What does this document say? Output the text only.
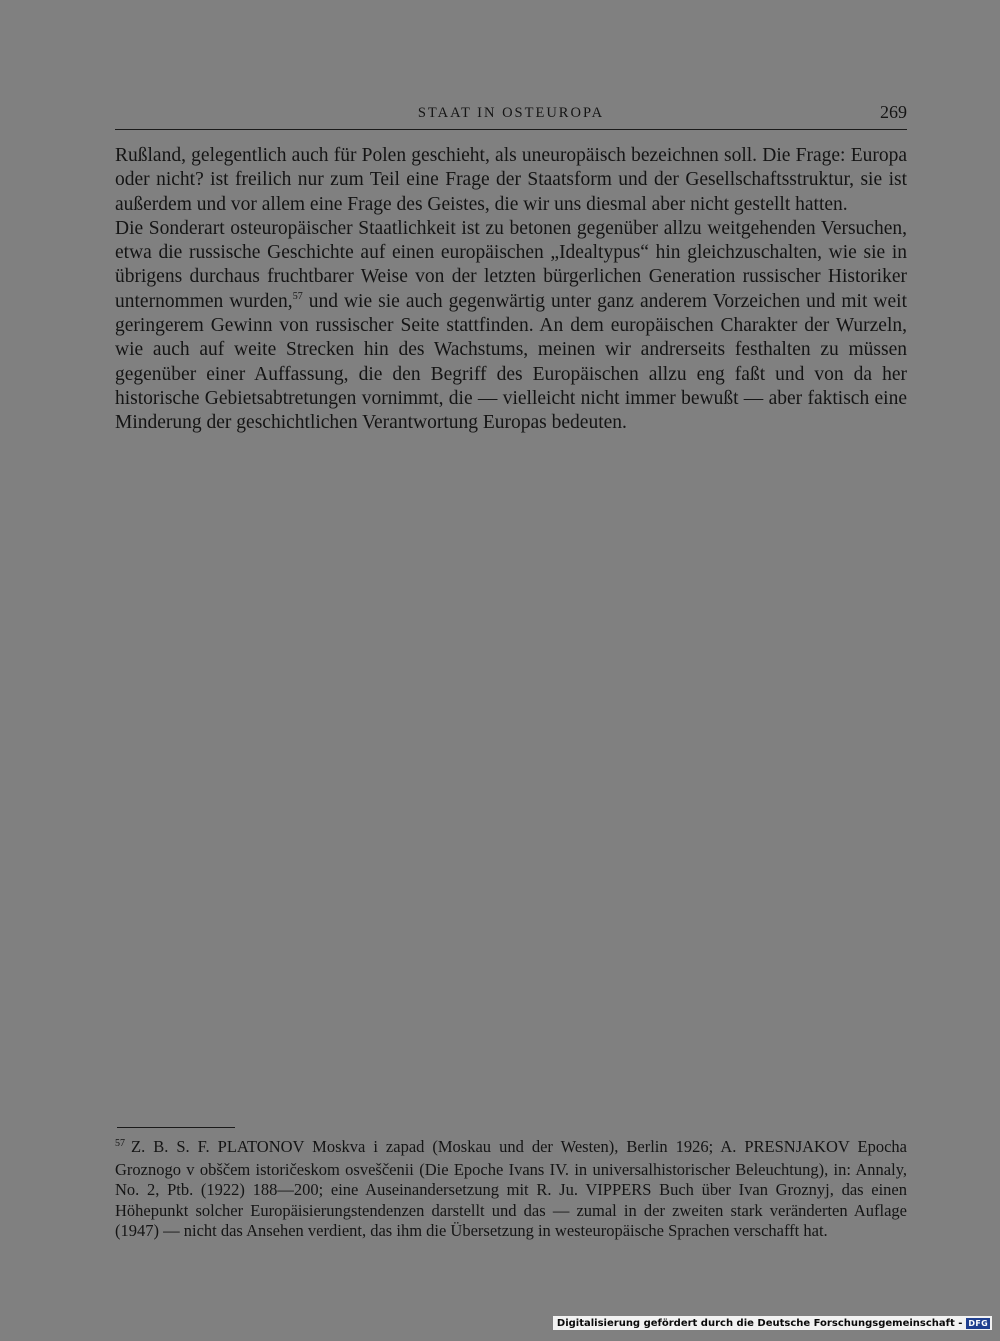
STAAT IN OSTEUROPA	269

Rußland, gelegentlich auch für Polen geschieht, als uneuropäisch bezeichnen soll. Die Frage: Europa oder nicht? ist freilich nur zum Teil eine Frage der Staatsform und der Gesellschaftsstruktur, sie ist außerdem und vor allem eine Frage des Geistes, die wir uns diesmal aber nicht gestellt hatten.

Die Sonderart osteuropäischer Staatlichkeit ist zu betonen gegenüber allzu weitgehenden Versuchen, etwa die russische Geschichte auf einen europäischen „Idealtypus“ hin gleichzuschalten, wie sie in übrigens durchaus fruchtbarer Weise von der letzten bürgerlichen Generation russischer Historiker unternommen wurden,$^{57}$ und wie sie auch gegenwärtig unter ganz anderem Vorzeichen und mit weit geringerem Gewinn von russischer Seite stattfinden. An dem europäischen Charakter der Wurzeln, wie auch auf weite Strecken hin des Wachstums, meinen wir andrerseits festhalten zu müssen gegenüber einer Auffassung, die den Begriff des Europäischen allzu eng faßt und von da her historische Gebietsabtretungen vornimmt, die — vielleicht nicht immer bewußt — aber faktisch eine Minderung der geschichtlichen Verantwortung Europas bedeuten.

$^{57}$ Z. B. S. F. PLATONOV Moskva i zapad (Moskau und der Westen), Berlin 1926; A. PRESNJAKOV Epocha Groznogo v obščem istoričeskom osveščenii (Die Epoche Ivans IV. in universalhistorischer Beleuchtung), in: Annaly, No. 2, Ptb. (1922) 188—200; eine Auseinandersetzung mit R. Ju. VIPPERS Buch über Ivan Groznyj, das einen Höhepunkt solcher Europäisierungstendenzen darstellt und das — zumal in der zweiten stark veränderten Auflage (1947) — nicht das Ansehen verdient, das ihm die Übersetzung in westeuropäische Sprachen verschafft hat.

Digitalisierung gefördert durch die Deutsche Forschungsgemeinschaft - DFG
